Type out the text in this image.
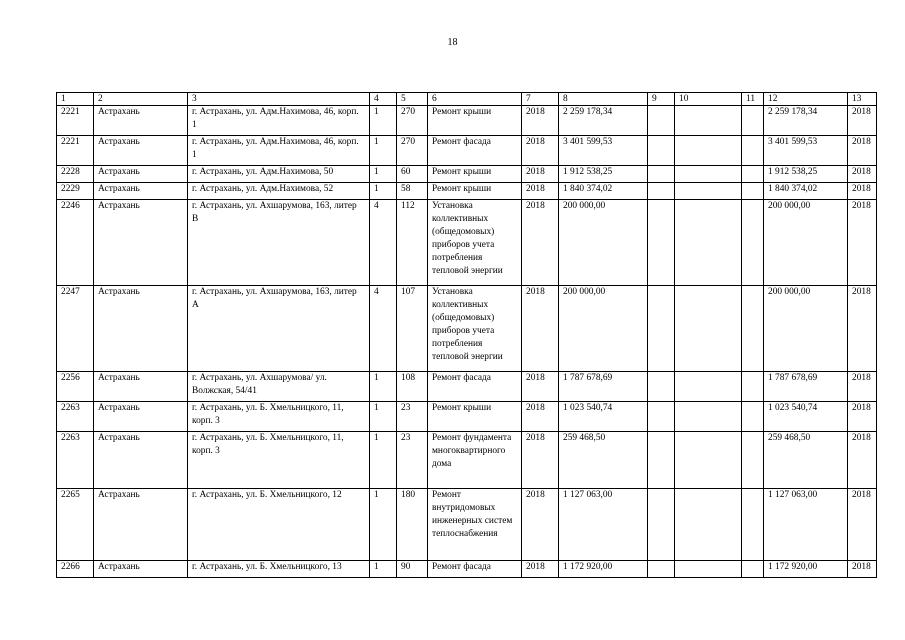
18
1	2	3	4	5	6	7	8	9	10	11	12	13
2221	Астрахань	г. Астрахань, ул. Адм.Нахимова, 46, корп. 1	1	270	Ремонт крыши	2018	2 259 178,34				2 259 178,34	2018
2221	Астрахань	г. Астрахань, ул. Адм.Нахимова, 46, корп. 1	1	270	Ремонт фасада	2018	3 401 599,53				3 401 599,53	2018
2228	Астрахань	г. Астрахань, ул. Адм.Нахимова, 50	1	60	Ремонт крыши	2018	1 912 538,25				1 912 538,25	2018
2229	Астрахань	г. Астрахань, ул. Адм.Нахимова, 52	1	58	Ремонт крыши	2018	1 840 374,02				1 840 374,02	2018
2246	Астрахань	г. Астрахань, ул. Ахшарумова, 163, литер В	4	112	Установка коллективных (общедомовых) приборов учета потребления тепловой энергии	2018	200 000,00				200 000,00	2018
2247	Астрахань	г. Астрахань, ул. Ахшарумова, 163, литер А	4	107	Установка коллективных (общедомовых) приборов учета потребления тепловой энергии	2018	200 000,00				200 000,00	2018
2256	Астрахань	г. Астрахань, ул. Ахшарумова/ ул. Волжская, 54/41	1	108	Ремонт фасада	2018	1 787 678,69				1 787 678,69	2018
2263	Астрахань	г. Астрахань, ул. Б. Хмельницкого, 11, корп. 3	1	23	Ремонт крыши	2018	1 023 540,74				1 023 540,74	2018
2263	Астрахань	г. Астрахань, ул. Б. Хмельницкого, 11, корп. 3	1	23	Ремонт фундамента многоквартирного дома	2018	259 468,50				259 468,50	2018
2265	Астрахань	г. Астрахань, ул. Б. Хмельницкого, 12	1	180	Ремонт внутридомовых инженерных систем теплоснабжения	2018	1 127 063,00				1 127 063,00	2018
2266	Астрахань	г. Астрахань, ул. Б. Хмельницкого, 13	1	90	Ремонт фасада	2018	1 172 920,00				1 172 920,00	2018
